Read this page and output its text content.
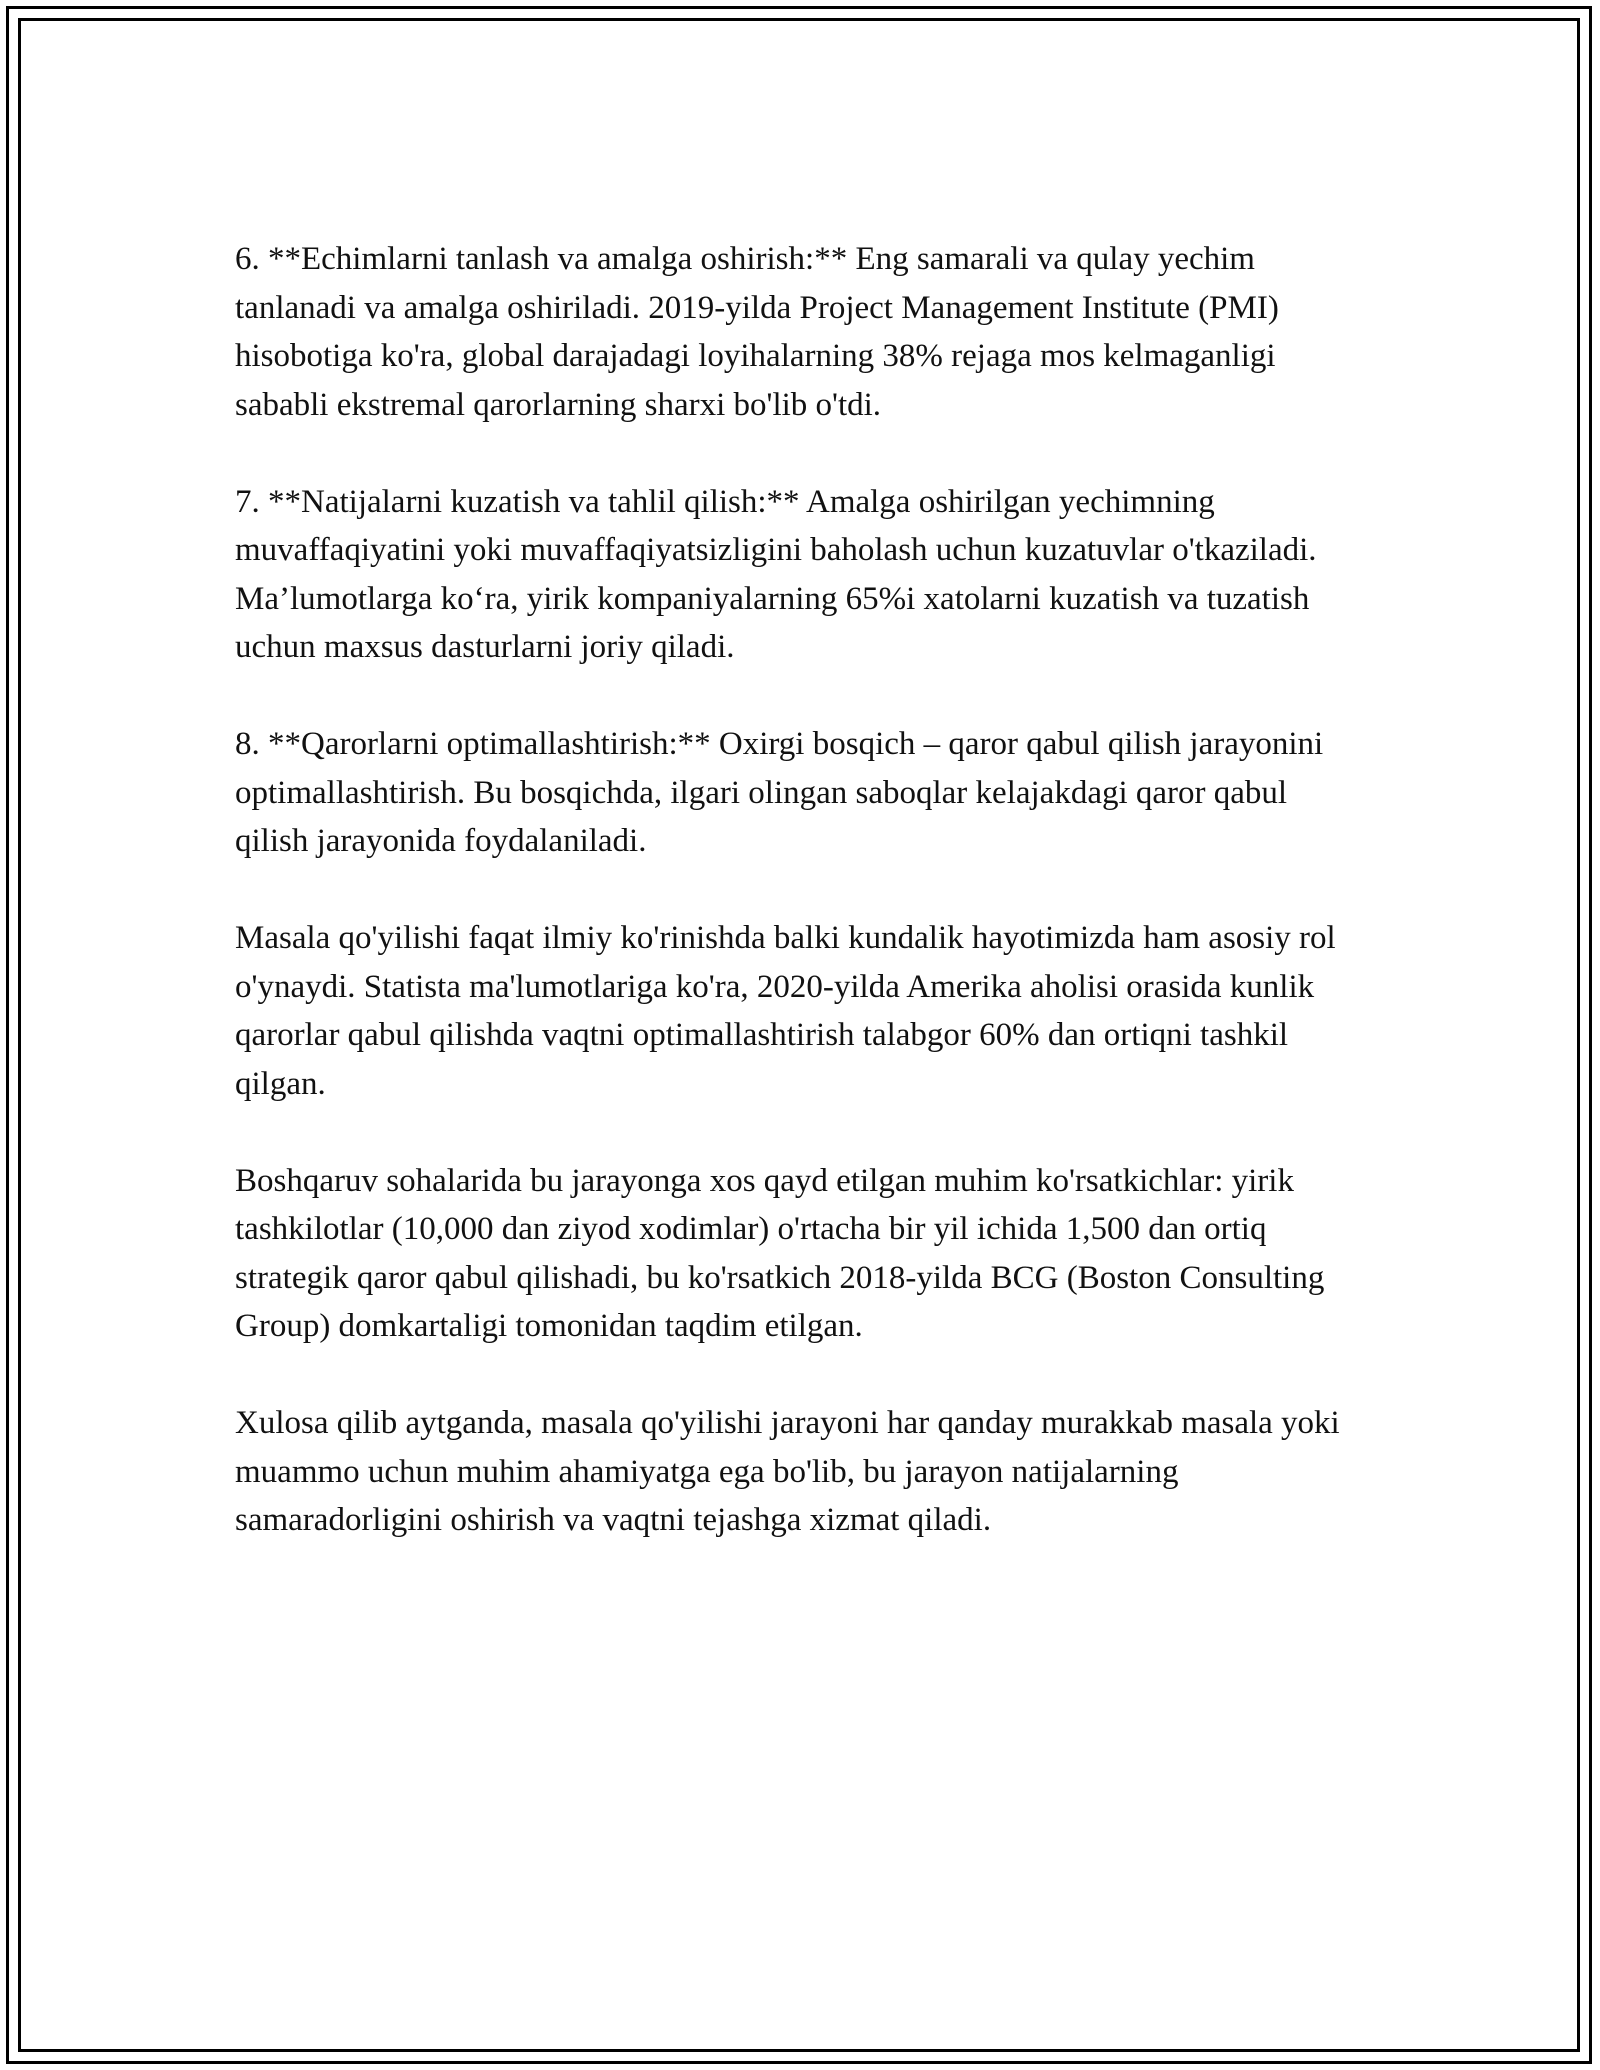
6. **Echimlarni tanlash va amalga oshirish:** Eng samarali va qulay yechim tanlanadi va amalga oshiriladi. 2019-yilda Project Management Institute (PMI) hisobotiga ko'ra, global darajadagi loyihalarning 38% rejaga mos kelmaganligi sababli ekstremal qarorlarning sharxi bo'lib o'tdi.

7. **Natijalarni kuzatish va tahlil qilish:** Amalga oshirilgan yechimning muvaffaqiyatini yoki muvaffaqiyatsizligini baholash uchun kuzatuvlar o'tkaziladi. Ma’lumotlarga ko‘ra, yirik kompaniyalarning 65%i xatolarni kuzatish va tuzatish uchun maxsus dasturlarni joriy qiladi.

8. **Qarorlarni optimallashtirish:** Oxirgi bosqich – qaror qabul qilish jarayonini optimallashtirish. Bu bosqichda, ilgari olingan saboqlar kelajakdagi qaror qabul qilish jarayonida foydalaniladi.

Masala qo'yilishi faqat ilmiy ko'rinishda balki kundalik hayotimizda ham asosiy rol o'ynaydi. Statista ma'lumotlariga ko'ra, 2020-yilda Amerika aholisi orasida kunlik qarorlar qabul qilishda vaqtni optimallashtirish talabgor 60% dan ortiqni tashkil qilgan.

Boshqaruv sohalarida bu jarayonga xos qayd etilgan muhim ko'rsatkichlar: yirik tashkilotlar (10,000 dan ziyod xodimlar) o'rtacha bir yil ichida 1,500 dan ortiq strategik qaror qabul qilishadi, bu ko'rsatkich 2018-yilda BCG (Boston Consulting Group) domkartaligi tomonidan taqdim etilgan.

Xulosa qilib aytganda, masala qo'yilishi jarayoni har qanday murakkab masala yoki muammo uchun muhim ahamiyatga ega bo'lib, bu jarayon natijalarning samaradorligini oshirish va vaqtni tejashga xizmat qiladi.
